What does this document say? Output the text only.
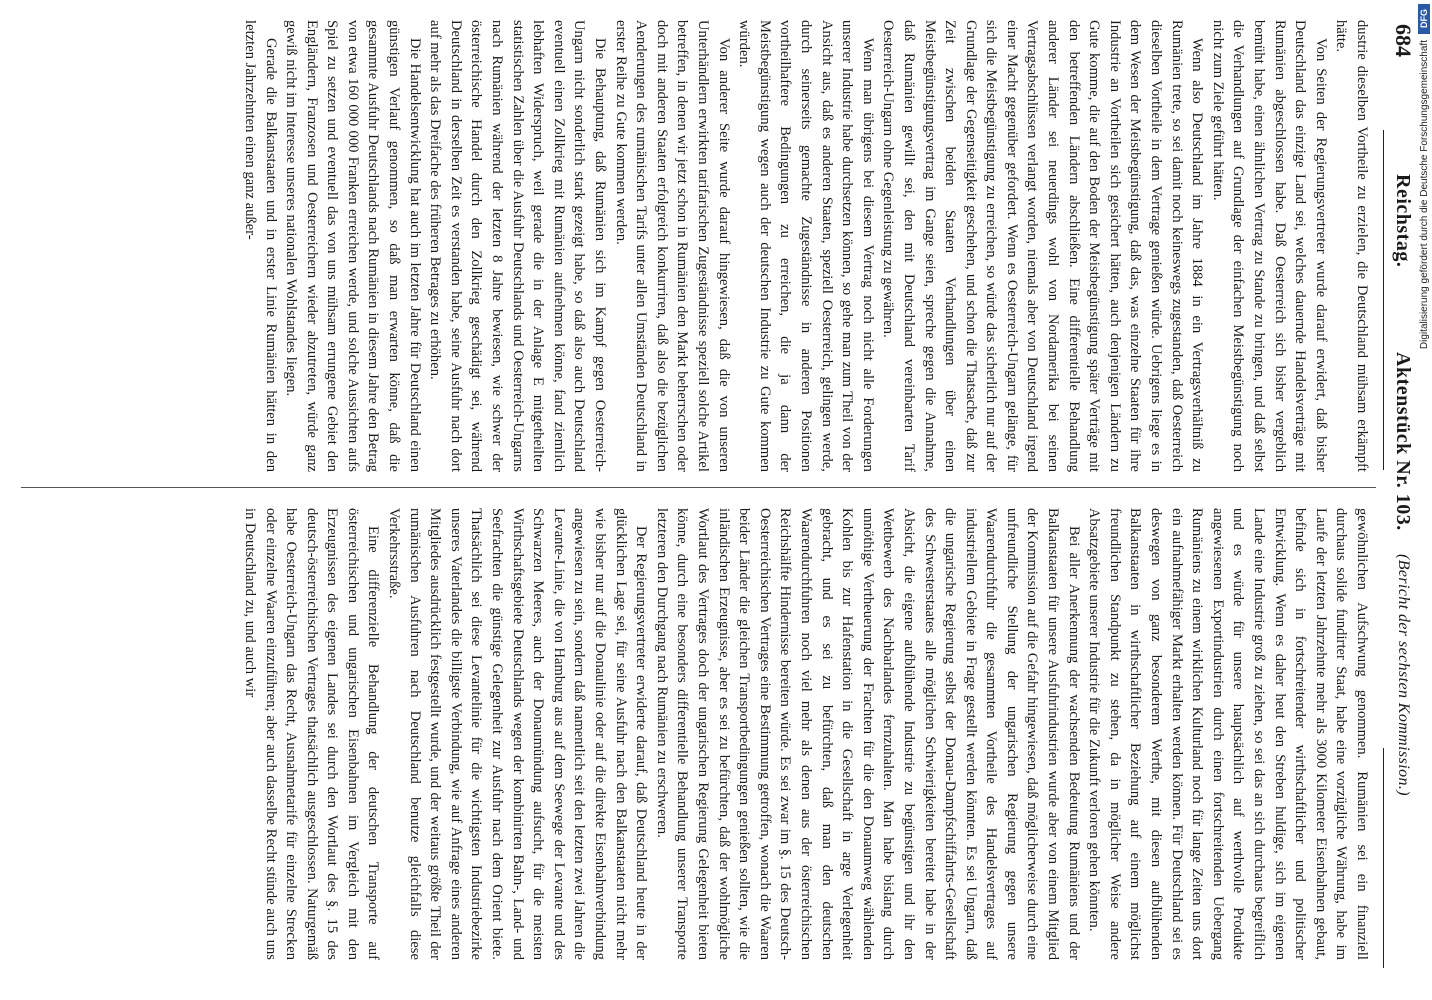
684
Reichstag.
Aktenstück Nr. 103.
(Bericht der sechsten Kommission.)

dustrie dieselben Vortheile zu erzielen, die Deutschland mühsam erkämpft hätte.

Von Seiten der Regierungsvertreter wurde darauf erwidert, daß bisher Deutschland das einzige Land sei, welches dauernde Handelsverträge mit Rumänien abgeschlossen habe. Daß Oesterreich sich bisher vergeblich bemüht habe, einen ähnlichen Vertrag zu Stande zu bringen, und daß selbst die Verhandlungen auf Grundlage der einfachen Meistbegünstigung noch nicht zum Ziele geführt hätten.

Wenn also Deutschland im Jahre 1884 in ein Vertragsverhältniß zu Rumänien trete, so sei damit noch keineswegs zugestanden, daß Oesterreich dieselben Vortheile in dem Vertrage genießen würde. Uebrigens liege es in dem Wesen der Meistbegünstigung, daß das, was einzelne Staaten für ihre Industrie an Vortheilen sich gesichert hätten, auch denjenigen Ländern zu Gute komme, die auf den Boden der Meistbegünstigung später Verträge mit den betreffenden Ländern abschließen. Eine differentielle Behandlung anderer Länder sei neuerdings wohl von Nordamerika bei seinen Vertragsabschlüssen verlangt worden, niemals aber von Deutschland irgend einer Macht gegenüber gefordert. Wenn es Oesterreich-Ungarn gelänge, für sich die Meistbegünstigung zu erreichen, so würde das sicherlich nur auf der Grundlage der Gegenseitigkeit geschehen, und schon die Thatsache, daß zur Zeit zwischen beiden Staaten Verhandlungen über einen Meistbegünstigungsvertrag im Gange seien, spreche gegen die Annahme, daß Rumänien gewillt sei, den mit Deutschland vereinbarten Tarif Oesterreich-Ungarn ohne Gegenleistung zu gewähren.

Wenn man übrigens bei diesem Vertrag noch nicht alle Forderungen unserer Industrie habe durchsetzen können, so gehe man zum Theil von der Ansicht aus, daß es anderen Staaten, speziell Oesterreich, gelingen werde, durch seinerseits gemachte Zugeständnisse in anderen Positionen vortheilhaftere Bedingungen zu erreichen, die ja dann der Meistbegünstigung wegen auch der deutschen Industrie zu Gute kommen würden.

Von anderer Seite wurde darauf hingewiesen, daß die von unseren Unterhändlern erwirkten tarifarischen Zugeständnisse speziell solche Artikel betreffen, in denen wir jetzt schon in Rumänien den Markt beherrschen oder doch mit anderen Staaten erfolgreich konkurriren, daß also die bezüglichen Aenderungen des rumänischen Tarifs unter allen Umständen Deutschland in erster Reihe zu Gute kommen werden.

Die Behauptung, daß Rumänien sich im Kampf gegen Oesterreich-Ungarn nicht sonderlich stark gezeigt habe, so daß also auch Deutschland eventuell einen Zollkrieg mit Rumänien aufnehmen könne, fand ziemlich lebhaften Widerspruch, weil gerade die in der Anlage E mitgetheilten statistischen Zahlen über die Ausfuhr Deutschlands und Oesterreich-Ungarns nach Rumänien während der letzten 8 Jahre bewiesen, wie schwer der österreichische Handel durch den Zollkrieg geschädigt sei, während Deutschland in derselben Zeit es verstanden habe, seine Ausfuhr nach dort auf mehr als das Dreifache des früheren Betrages zu erhöhen.

Die Handelsentwicklung hat auch im letzten Jahre für Deutschland einen günstigen Verlauf genommen, so daß man erwarten könne, daß die gesammte Ausfuhr Deutschlands nach Rumänien in diesem Jahre den Betrag von etwa 160 000 000 Franken erreichen werde, und solche Aussichten aufs Spiel zu setzen und eventuell das von uns mühsam errungene Gebiet den Engländern, Franzosen und Oesterreichern wieder abzutreten, würde ganz gewiß nicht im Interesse unseres nationalen Wohlstandes liegen.

Gerade die Balkanstaaten und in erster Linie Rumänien hätten in den letzten Jahrzehnten einen ganz außer-

gewöhnlichen Aufschwung genommen. Rumänien sei ein finanziell durchaus solide fundirter Staat, habe eine vorzügliche Währung, habe im Laufe der letzten Jahrzehnte mehr als 3000 Kilometer Eisenbahnen gebaut, befinde sich in fortschreitender wirthschaftlicher und politischer Entwicklung. Wenn es daher heut den Streben huldige, sich im eigenen Lande eine Industrie groß zu ziehen, so sei das an sich durchaus begreiflich und es würde für unsere hauptsächlich auf werthvolle Produkte angewiesenen Exportindustrien durch einen fortschreitenden Uebergang Rumäniens zu einem wirklichen Kulturland noch für lange Zeiten uns dort ein aufnahmefähiger Markt erhalten werden können. Für Deutschland sei es deswegen von ganz besonderem Werthe, mit diesen aufblühenden Balkanstaaten in wirthschaftlicher Beziehung auf einem möglichst freundlichen Standpunkt zu stehen, da in möglicher Weise andere Absatzgebiete unserer Industrie für die Zukunft verloren gehen könnten.

Bei aller Anerkennung der wachsenden Bedeutung Rumäniens und der Balkanstaaten für unsere Ausfuhrindustrien wurde aber von einem Mitglied der Kommission auf die Gefahr hingewiesen, daß möglicherweise durch eine unfreundliche Stellung der ungarischen Regierung gegen unsere Waarendurchfuhr die gesammten Vortheile des Handelsvertrages auf industriellem Gebiete in Frage gestellt werden könnten. Es sei Ungarn, daß die ungarische Regierung selbst der Donau-Dampfschiffahrts-Gesellschaft des Schwesterstaates alle möglichen Schwierigkeiten bereitet habe in der Absicht, die eigene aufblühende Industrie zu begünstigen und ihr den Wettbewerb des Nachbarlandes fernzuhalten. Man habe bislang durch unnöthige Vertheuerung der Frachten für die den Donaumweg wählenden Kohlen bis zur Hafenstation in die Gesellschaft in arge Verlegenheit gebracht, und es sei zu befürchten, daß man den deutschen Waarendurchfuhren noch viel mehr als denen aus der österreichischen Reichshälfte Hindernisse bereiten würde. Es sei zwar im §. 15 des Deutsch-Oesterreichischen Vertrages eine Bestimmung getroffen, wonach die Waaren beider Länder die gleichen Transportbedingungen genießen sollten, wie die inländischen Erzeugnisse, aber es sei zu befürchten, daß der wohlmögliche Wortlaut des Vertrages doch der ungarischen Regierung Gelegenheit bieten könne, durch eine besonders differentielle Behandlung unserer Transporte letzteren den Durchgang nach Rumänien zu erschweren.

Der Regierungsvertreter erwiderte darauf, daß Deutschland heute in der glücklichen Lage sei, für seine Ausfuhr nach den Balkanstaaten nicht mehr wie bisher nur auf die Donaulinie oder auf die direkte Eisenbahnverbindung angewiesen zu sein, sondern daß namentlich seit den letzten zwei Jahren die Levante-Linie, die von Hamburg aus auf dem Seewege der Levante und des Schwarzen Meeres, auch der Donaumündung aufsucht, für die meisten Wirthschaftsgebiete Deutschlands wegen der kombinirten Bahn-, Land- und Seefrachten die günstige Gelegenheit zur Ausfuhr nach dem Orient biete. Thatsächlich sei diese Levantelinie für die wichtigsten Industriebezirke unseres Vaterlandes die billigste Verbindung, wie auf Anfrage eines anderen Mitgliedes ausdrücklich festgestellt wurde, und der weitaus größte Theil der rumänischen Ausfuhren nach Deutschland benutze gleichfalls diese Verkehrsstraße.

Eine differenzielle Behandlung der deutschen Transporte auf österreichischen und ungarischen Eisenbahnen im Vergleich mit den Erzeugnissen des eigenen Landes sei durch den Wortlaut des §. 15 des deutsch-österreichischen Vertrages thatsächlich ausgeschlossen. Naturgemäß habe Oesterreich-Ungarn das Recht, Ausnahmetarife für einzelne Strecken oder einzelne Waaren einzuführen; aber auch dasselbe Recht stünde auch uns in Deutschland zu, und auch wir

DFG
Digitalisierung gefördert durch die Deutsche Forschungsgemeinschaft
